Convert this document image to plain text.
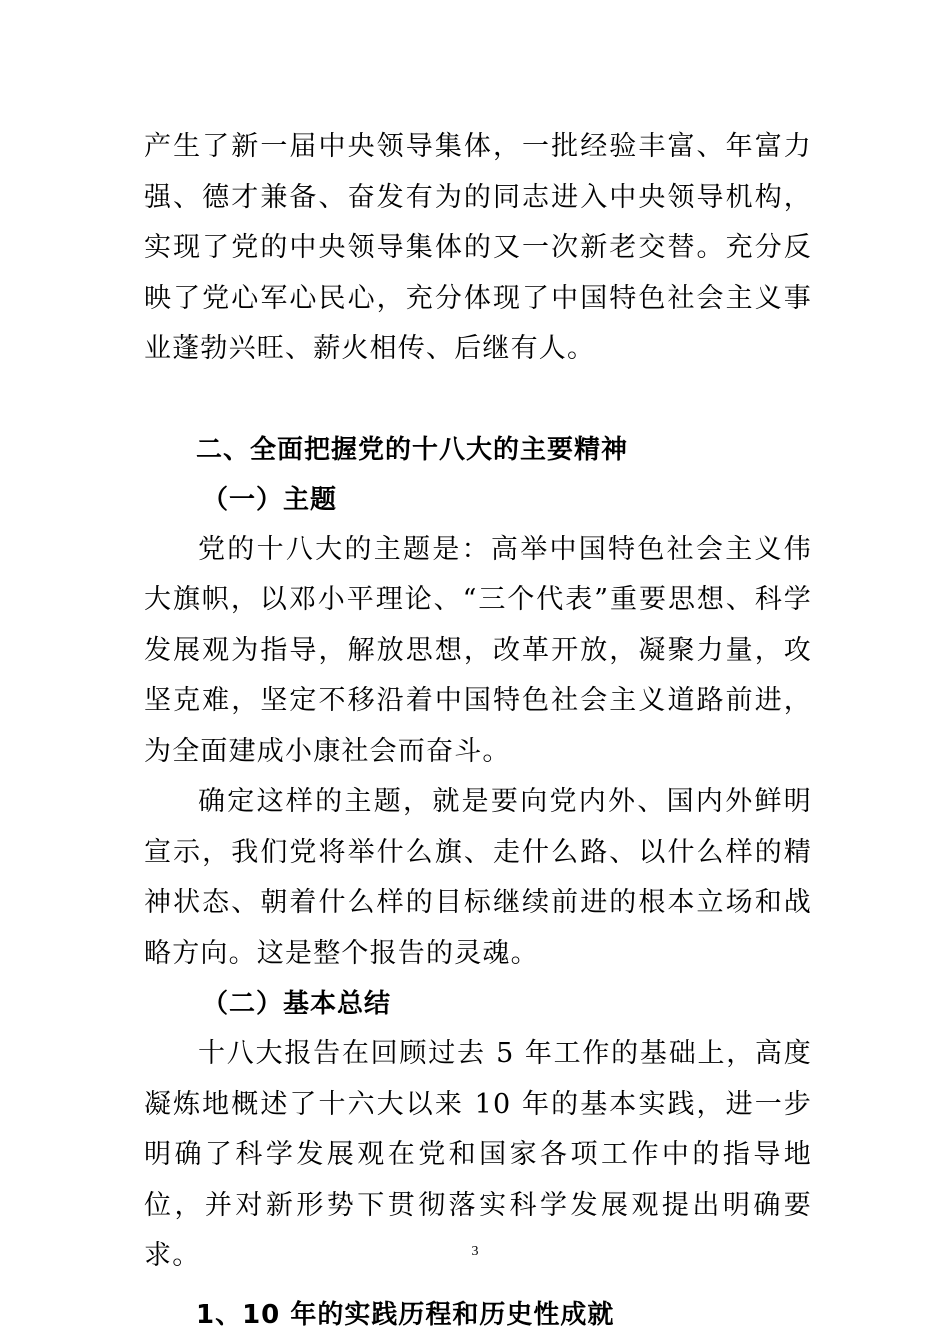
产生了新一届中央领导集体，一批经验丰富、年富力强、德才兼备、奋发有为的同志进入中央领导机构，实现了党的中央领导集体的又一次新老交替。充分反映了党心军心民心，充分体现了中国特色社会主义事业蓬勃兴旺、薪火相传、后继有人。

二、全面把握党的十八大的主要精神

（一）主题

党的十八大的主题是：高举中国特色社会主义伟大旗帜，以邓小平理论、“三个代表”重要思想、科学发展观为指导，解放思想，改革开放，凝聚力量，攻坚克难，坚定不移沿着中国特色社会主义道路前进，为全面建成小康社会而奋斗。

确定这样的主题，就是要向党内外、国内外鲜明宣示，我们党将举什么旗、走什么路、以什么样的精神状态、朝着什么样的目标继续前进的根本立场和战略方向。这是整个报告的灵魂。

（二）基本总结

十八大报告在回顾过去 5 年工作的基础上，高度凝炼地概述了十六大以来 10 年的基本实践，进一步明确了科学发展观在党和国家各项工作中的指导地位，并对新形势下贯彻落实科学发展观提出明确要求。

1、10 年的实践历程和历史性成就

3
